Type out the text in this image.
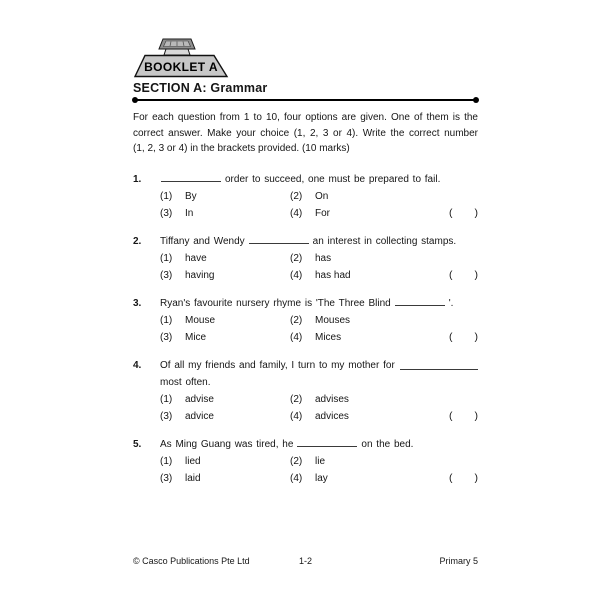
BOOKLET A
SECTION A: Grammar
For each question from 1 to 10, four options are given. One of them is the
correct answer. Make your choice (1, 2, 3 or 4). Write the correct number
(1, 2, 3 or 4) in the brackets provided. (10 marks)
1.	order to succeed, one must be prepared to fail.
(1)	By	(2)	On
(3)	In	(4)	For	( )
2.	Tiffany and Wendy	an interest in collecting stamps.
(1)	have	(2)	has
(3)	having	(4)	has had	( )
3.	Ryan's favourite nursery rhyme is 'The Three Blind	'.
(1)	Mouse	(2)	Mouses
(3)	Mice	(4)	Mices	( )
4.	Of all my friends and family, I turn to my mother for
most often.
(1)	advise	(2)	advises
(3)	advice	(4)	advices	( )
5.	As Ming Guang was tired, he	on the bed.
(1)	lied	(2)	lie
(3)	laid	(4)	lay	( )
© Casco Publications Pte Ltd	1-2	Primary 5
